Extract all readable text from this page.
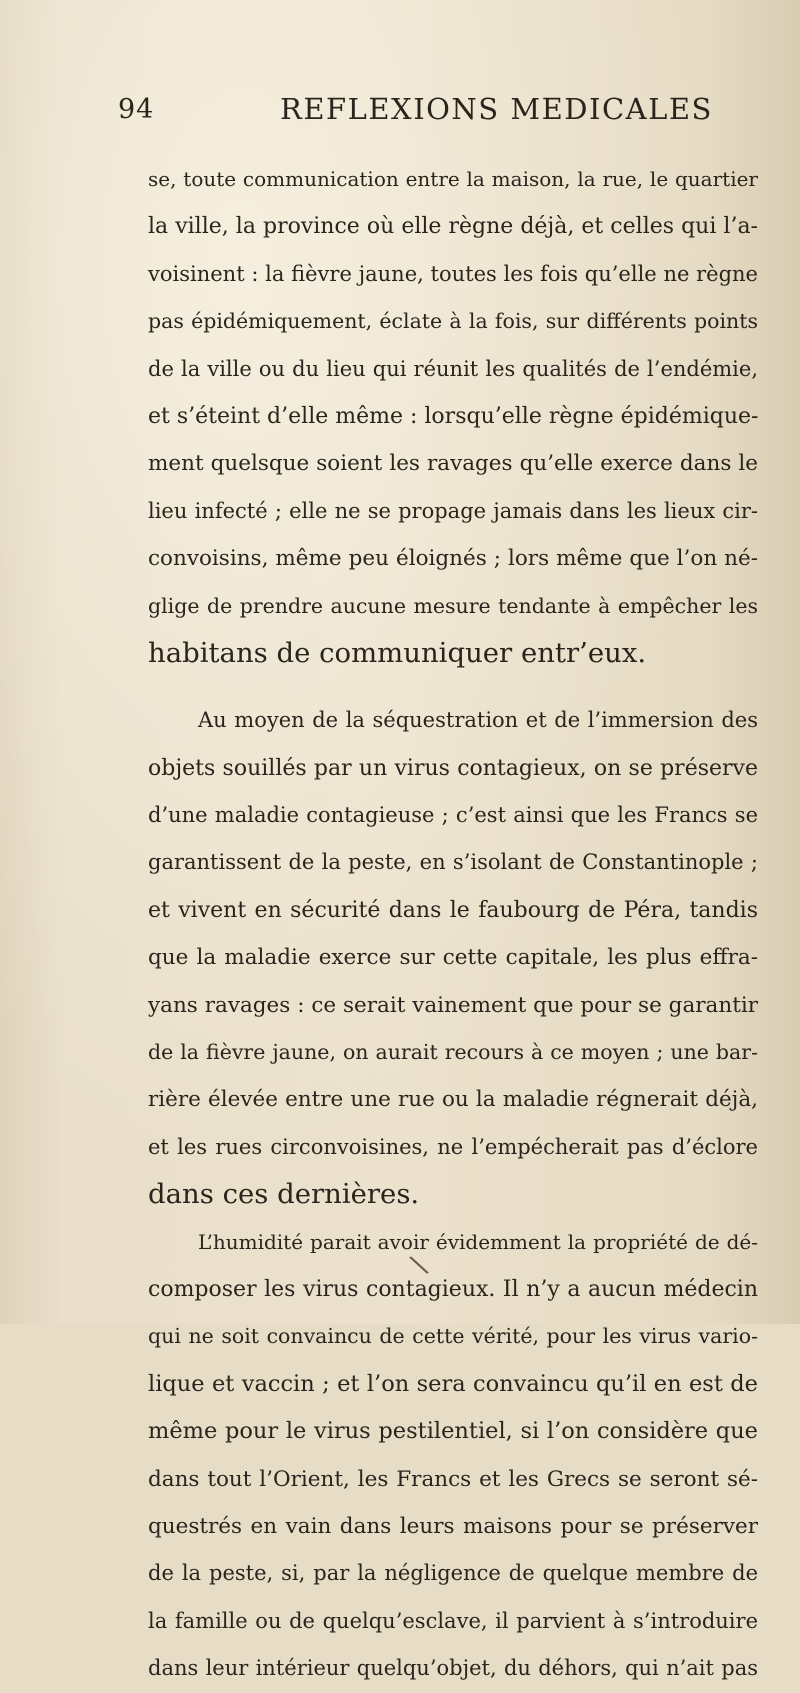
94	REFLEXIONS MEDICALES
se, toute communication entre la maison, la rue, le quartier
la ville, la province où elle règne déjà, et celles qui l’a-
voisinent : la fièvre jaune, toutes les fois qu’elle ne règne
pas épidémiquement, éclate à la fois, sur différents points
de la ville ou du lieu qui réunit les qualités de l’endémie,
et s’éteint d’elle même : lorsqu’elle règne épidémique-
ment quelsque soient les ravages qu’elle exerce dans le
lieu infecté ; elle ne se propage jamais dans les lieux cir-
convoisins, même peu éloignés ; lors même que l’on né-
glige de prendre aucune mesure tendante à empêcher les
habitans de communiquer entr’eux.
Au moyen de la séquestration et de l’immersion des
objets souillés par un virus contagieux, on se préserve
d’une maladie contagieuse ; c’est ainsi que les Francs se
garantissent de la peste, en s’isolant de Constantinople ;
et vivent en sécurité dans le faubourg de Péra, tandis
que la maladie exerce sur cette capitale, les plus effra-
yans ravages : ce serait vainement que pour se garantir
de la fièvre jaune, on aurait recours à ce moyen ; une bar-
rière élevée entre une rue ou la maladie régnerait déjà,
et les rues circonvoisines, ne l’empécherait pas d’éclore
dans ces dernières.
L’humidité parait avoir évidemment la propriété de dé-
composer les virus contagieux. Il n’y a aucun médecin
qui ne soit convaincu de cette vérité, pour les virus vario-
lique et vaccin ; et l’on sera convaincu qu’il en est de
même pour le virus pestilentiel, si l’on considère que
dans tout l’Orient, les Francs et les Grecs se seront sé-
questrés en vain dans leurs maisons pour se préserver
de la peste, si, par la négligence de quelque membre de
la famille ou de quelqu’esclave, il parvient à s’introduire
dans leur intérieur quelqu’objet, du déhors, qui n’ait pas
\
